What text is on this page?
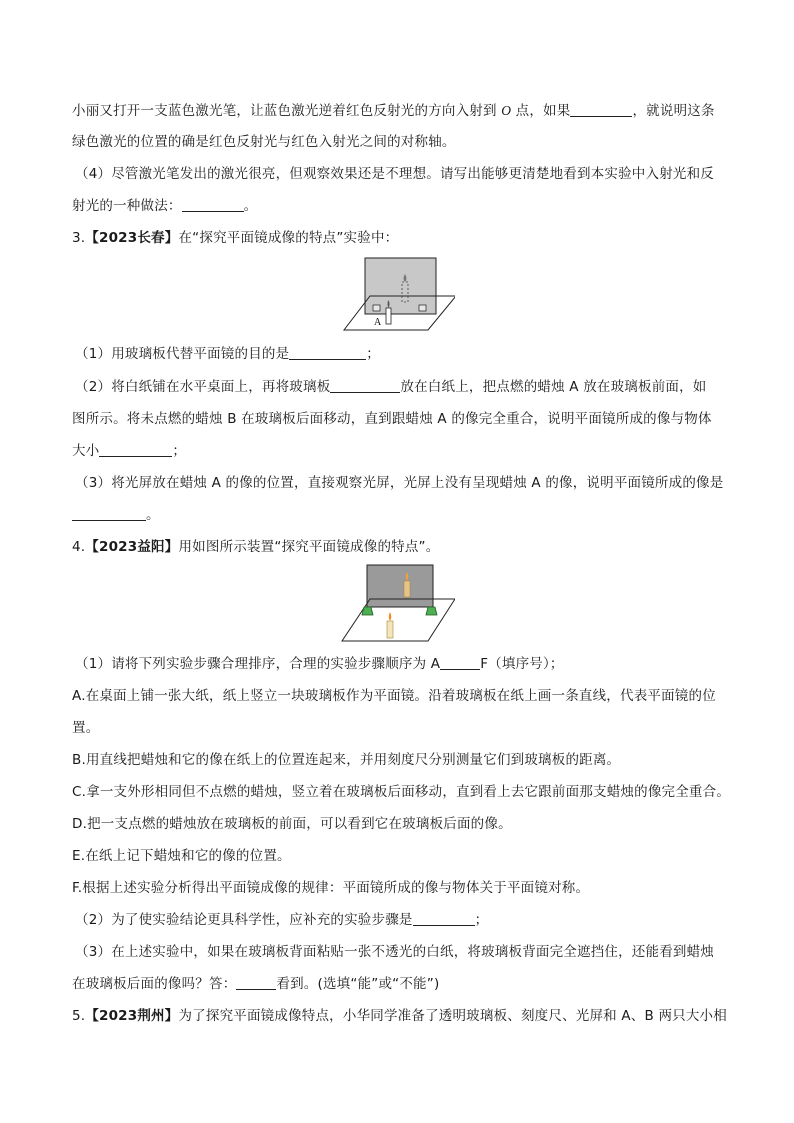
小丽又打开一支蓝色激光笔，让蓝色激光逆着红色反射光的方向入射到 O 点，如果	，就说明这条
绿色激光的位置的确是红色反射光与红色入射光之间的对称轴。
（4）尽管激光笔发出的激光很亮，但观察效果还是不理想。请写出能够更清楚地看到本实验中入射光和反
射光的一种做法：	。
3.【2023长春】在“探究平面镜成像的特点”实验中：
A
（1）用玻璃板代替平面镜的目的是	；
（2）将白纸铺在水平桌面上，再将玻璃板	放在白纸上，把点燃的蜡烛 A 放在玻璃板前面，如
图所示。将未点燃的蜡烛 B 在玻璃板后面移动，直到跟蜡烛 A 的像完全重合，说明平面镜所成的像与物体
大小	；
（3）将光屏放在蜡烛 A 的像的位置，直接观察光屏，光屏上没有呈现蜡烛 A 的像，说明平面镜所成的像是
。
4.【2023益阳】用如图所示装置“探究平面镜成像的特点”。
（1）请将下列实验步骤合理排序，合理的实验步骤顺序为 A	F（填序号）；
A.在桌面上铺一张大纸，纸上竖立一块玻璃板作为平面镜。沿着玻璃板在纸上画一条直线，代表平面镜的位
置。
B.用直线把蜡烛和它的像在纸上的位置连起来，并用刻度尺分别测量它们到玻璃板的距离。
C.拿一支外形相同但不点燃的蜡烛，竖立着在玻璃板后面移动，直到看上去它跟前面那支蜡烛的像完全重合。
D.把一支点燃的蜡烛放在玻璃板的前面，可以看到它在玻璃板后面的像。
E.在纸上记下蜡烛和它的像的位置。
F.根据上述实验分析得出平面镜成像的规律：平面镜所成的像与物体关于平面镜对称。
（2）为了使实验结论更具科学性，应补充的实验步骤是	；
（3）在上述实验中，如果在玻璃板背面粘贴一张不透光的白纸，将玻璃板背面完全遮挡住，还能看到蜡烛
在玻璃板后面的像吗？答：	看到。(选填“能”或“不能”)
5.【2023荆州】为了探究平面镜成像特点，小华同学准备了透明玻璃板、刻度尺、光屏和 A、B 两只大小相
